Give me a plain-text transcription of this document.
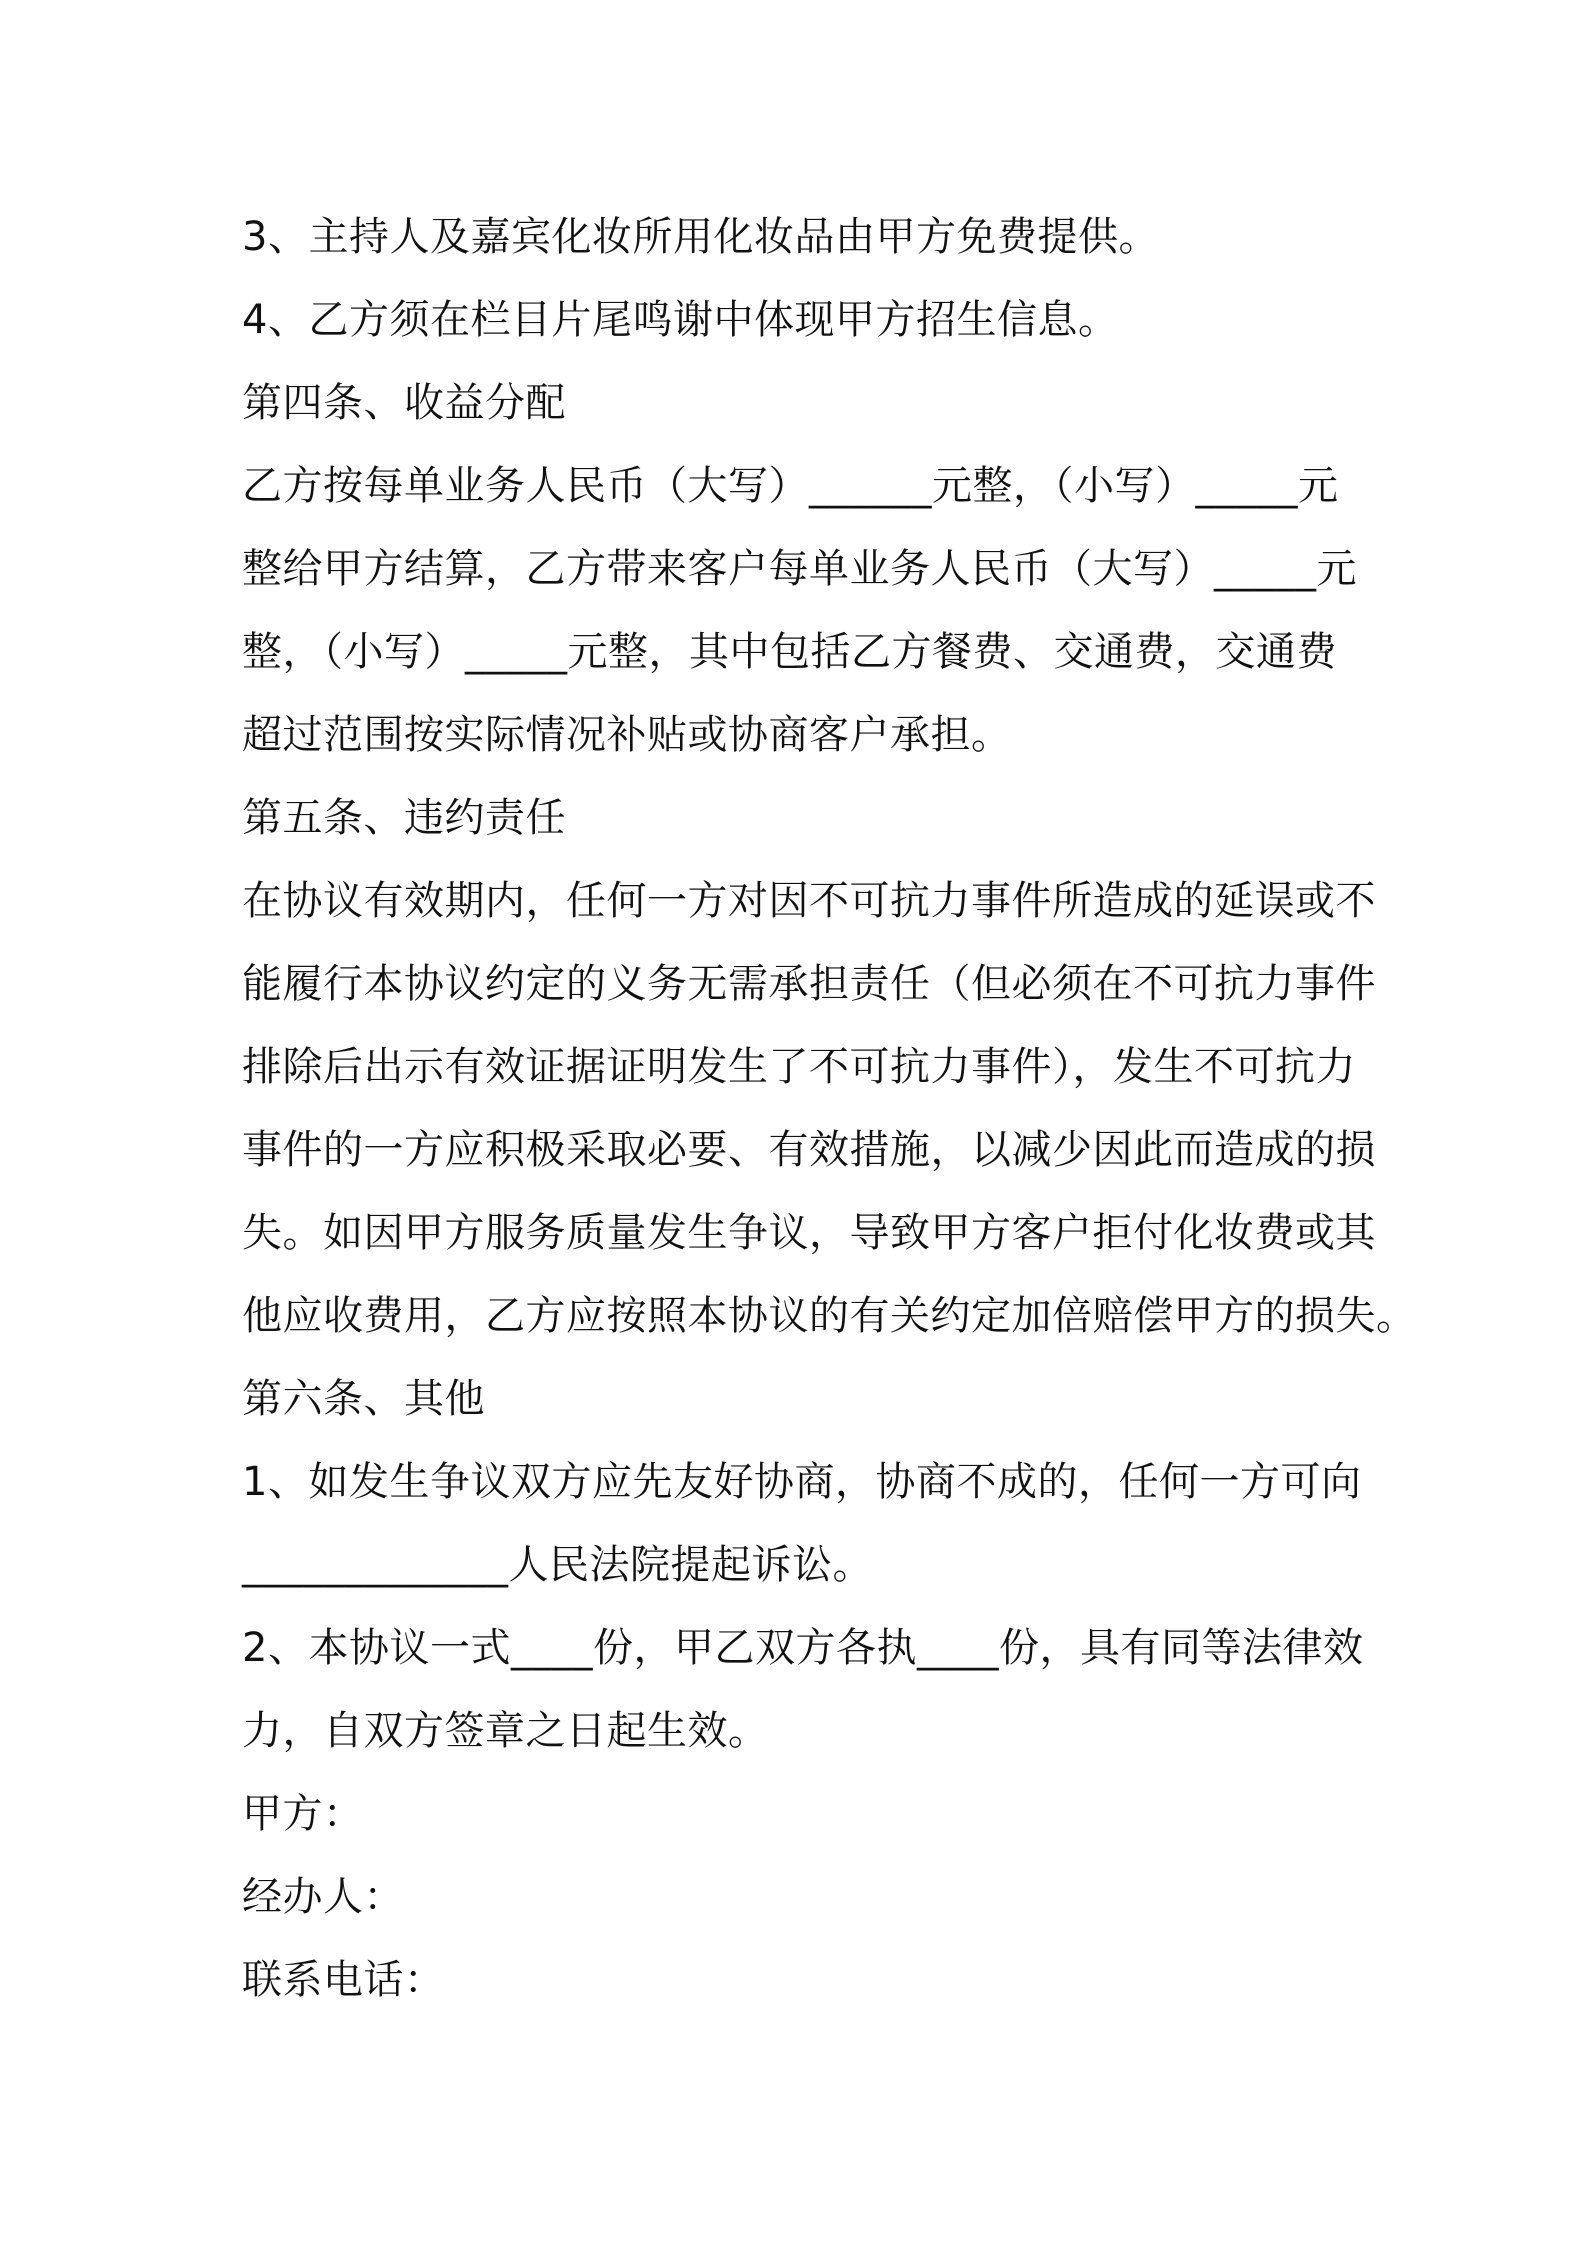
3、主持人及嘉宾化妆所用化妆品由甲方免费提供。
4、乙方须在栏目片尾鸣谢中体现甲方招生信息。
第四条、收益分配
乙方按每单业务人民币（大写）______元整，（小写）_____元
整给甲方结算，乙方带来客户每单业务人民币（大写）_____元
整，（小写）_____元整，其中包括乙方餐费、交通费，交通费
超过范围按实际情况补贴或协商客户承担。
第五条、违约责任
在协议有效期内，任何一方对因不可抗力事件所造成的延误或不
能履行本协议约定的义务无需承担责任（但必须在不可抗力事件
排除后出示有效证据证明发生了不可抗力事件），发生不可抗力
事件的一方应积极采取必要、有效措施，以减少因此而造成的损
失。如因甲方服务质量发生争议，导致甲方客户拒付化妆费或其
他应收费用，乙方应按照本协议的有关约定加倍赔偿甲方的损失。
第六条、其他
1、如发生争议双方应先友好协商，协商不成的，任何一方可向
_____________人民法院提起诉讼。
2、本协议一式____份，甲乙双方各执____份，具有同等法律效
力，自双方签章之日起生效。
甲方：
经办人：
联系电话：
